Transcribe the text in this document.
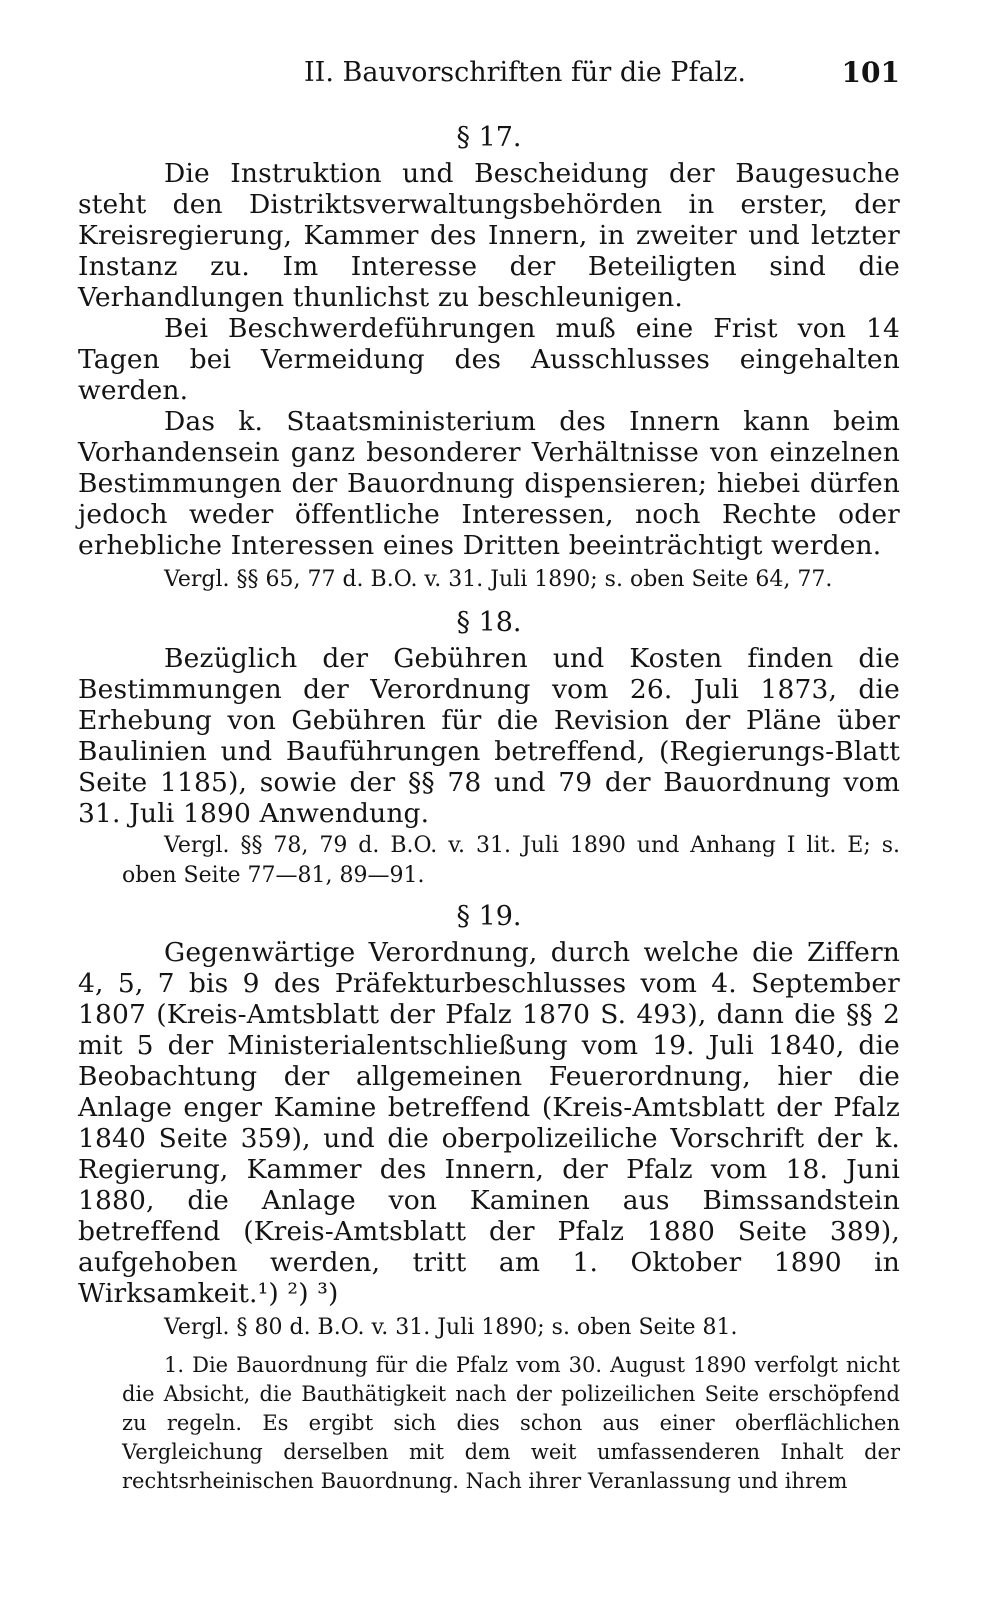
II. Bauvorschriften für die Pfalz.	101

§ 17.

Die Instruktion und Bescheidung der Baugesuche steht den Distriktsverwaltungsbehörden in erster, der Kreisregierung, Kammer des Innern, in zweiter und letzter Instanz zu. Im Interesse der Beteiligten sind die Verhandlungen thunlichst zu beschleunigen.

Bei Beschwerdeführungen muß eine Frist von 14 Tagen bei Vermeidung des Ausschlusses eingehalten werden.

Das k. Staatsministerium des Innern kann beim Vorhandensein ganz besonderer Verhältnisse von einzelnen Bestimmungen der Bauordnung dispensieren; hiebei dürfen jedoch weder öffentliche Interessen, noch Rechte oder erhebliche Interessen eines Dritten beeinträchtigt werden.

Vergl. §§ 65, 77 d. B.O. v. 31. Juli 1890; s. oben Seite 64, 77.

§ 18.

Bezüglich der Gebühren und Kosten finden die Bestimmungen der Verordnung vom 26. Juli 1873, die Erhebung von Gebühren für die Revision der Pläne über Baulinien und Bauführungen betreffend, (Regierungs-Blatt Seite 1185), sowie der §§ 78 und 79 der Bauordnung vom 31. Juli 1890 Anwendung.

Vergl. §§ 78, 79 d. B.O. v. 31. Juli 1890 und Anhang I lit. E; s. oben Seite 77—81, 89—91.

§ 19.

Gegenwärtige Verordnung, durch welche die Ziffern 4, 5, 7 bis 9 des Präfekturbeschlusses vom 4. September 1807 (Kreis-Amtsblatt der Pfalz 1870 S. 493), dann die §§ 2 mit 5 der Ministerialentschließung vom 19. Juli 1840, die Beobachtung der allgemeinen Feuerordnung, hier die Anlage enger Kamine betreffend (Kreis-Amtsblatt der Pfalz 1840 Seite 359), und die oberpolizeiliche Vorschrift der k. Regierung, Kammer des Innern, der Pfalz vom 18. Juni 1880, die Anlage von Kaminen aus Bimssandstein betreffend (Kreis-Amtsblatt der Pfalz 1880 Seite 389), aufgehoben werden, tritt am 1. Oktober 1890 in Wirksamkeit.¹) ²) ³)

Vergl. § 80 d. B.O. v. 31. Juli 1890; s. oben Seite 81.

1. Die Bauordnung für die Pfalz vom 30. August 1890 verfolgt nicht die Absicht, die Bauthätigkeit nach der polizeilichen Seite erschöpfend zu regeln. Es ergibt sich dies schon aus einer oberflächlichen Vergleichung derselben mit dem weit umfassenderen Inhalt der rechtsrheinischen Bauordnung. Nach ihrer Veranlassung und ihrem
